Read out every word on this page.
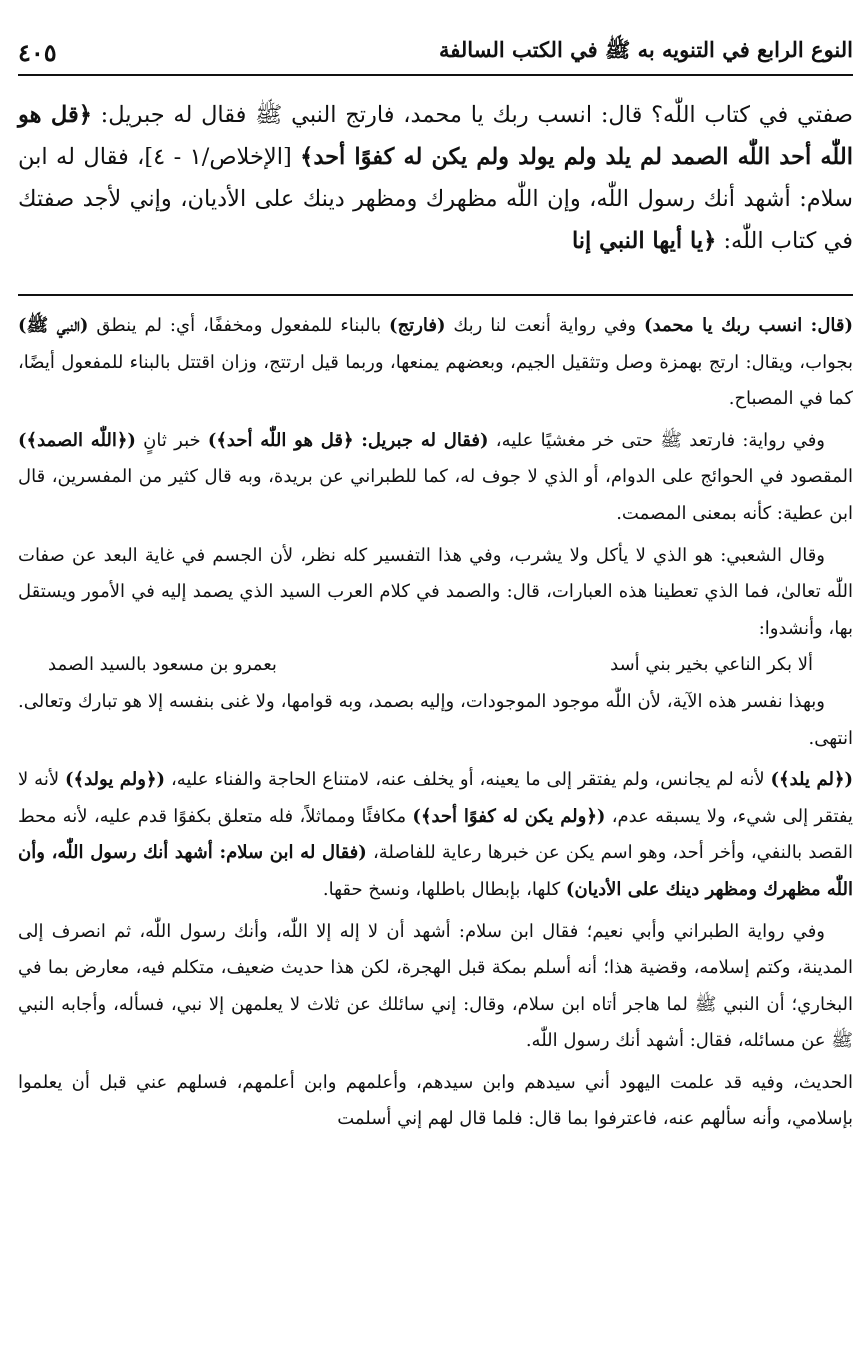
النوع الرابع في التنويه به ﷺ في الكتب السالفة
٤٠٥

صفتي في كتاب اللّٰه؟ قال: انسب ربك يا محمد، فارتج النبي ﷺ فقال له جبريل: ﴿قل هو اللّٰه أحد اللّٰه الصمد لم يلد ولم يولد ولم يكن له كفوًا أحد﴾ [الإخلاص/١ - ٤]، فقال له ابن سلام: أشهد أنك رسول اللّٰه، وإن اللّٰه مظهرك ومظهر دينك على الأديان، وإني لأجد صفتك في كتاب اللّٰه: ﴿يا أيها النبي إنا

(قال: انسب ربك يا محمد) وفي رواية أنعت لنا ربك (فارتج) بالبناء للمفعول ومخففًا، أي: لم ينطق (النبي ﷺ) بجواب، ويقال: ارتج بهمزة وصل وتثقيل الجيم، وبعضهم يمنعها، وربما قيل ارتتج، وزان اقتتل بالبناء للمفعول أيضًا، كما في المصباح.

وفي رواية: فارتعد ﷺ حتى خر مغشيًا عليه، (فقال له جبريل: ﴿قل هو اللّٰه أحد﴾) خبر ثانٍ (﴿اللّٰه الصمد﴾) المقصود في الحوائج على الدوام، أو الذي لا جوف له، كما للطبراني عن بريدة، وبه قال كثير من المفسرين، قال ابن عطية: كأنه بمعنى المصمت.

وقال الشعبي: هو الذي لا يأكل ولا يشرب، وفي هذا التفسير كله نظر، لأن الجسم في غاية البعد عن صفات اللّٰه تعالىٰ، فما الذي تعطينا هذه العبارات، قال: والصمد في كلام العرب السيد الذي يصمد إليه في الأمور ويستقل بها، وأنشدوا:

ألا بكر الناعي بخير بني أسد
بعمرو بن مسعود بالسيد الصمد

وبهذا نفسر هذه الآية، لأن اللّٰه موجود الموجودات، وإليه بصمد، وبه قوامها، ولا غنى بنفسه إلا هو تبارك وتعالى. انتهى.

(﴿لم يلد﴾) لأنه لم يجانس، ولم يفتقر إلى ما يعينه، أو يخلف عنه، لامتناع الحاجة والفناء عليه، (﴿ولم يولد﴾) لأنه لا يفتقر إلى شيء، ولا يسبقه عدم، (﴿ولم يكن له كفوًا أحد﴾) مكافئًا ومماثلاً، فله متعلق بكفوًا قدم عليه، لأنه محط القصد بالنفي، وأخر أحد، وهو اسم يكن عن خبرها رعاية للفاصلة، (فقال له ابن سلام: أشهد أنك رسول اللّٰه، وأن اللّٰه مظهرك ومظهر دينك على الأديان) كلها، بإبطال باطلها، ونسخ حقها.

وفي رواية الطبراني وأبي نعيم؛ فقال ابن سلام: أشهد أن لا إله إلا اللّٰه، وأنك رسول اللّٰه، ثم انصرف إلى المدينة، وكتم إسلامه، وقضية هذا؛ أنه أسلم بمكة قبل الهجرة، لكن هذا حديث ضعيف، متكلم فيه، معارض بما في البخاري؛ أن النبي ﷺ لما هاجر أتاه ابن سلام، وقال: إني سائلك عن ثلاث لا يعلمهن إلا نبي، فسأله، وأجابه النبي ﷺ عن مسائله، فقال: أشهد أنك رسول اللّٰه.

الحديث، وفيه قد علمت اليهود أني سيدهم وابن سيدهم، وأعلمهم وابن أعلمهم، فسلهم عني قبل أن يعلموا بإسلامي، وأنه سألهم عنه، فاعترفوا بما قال: فلما قال لهم إني أسلمت
